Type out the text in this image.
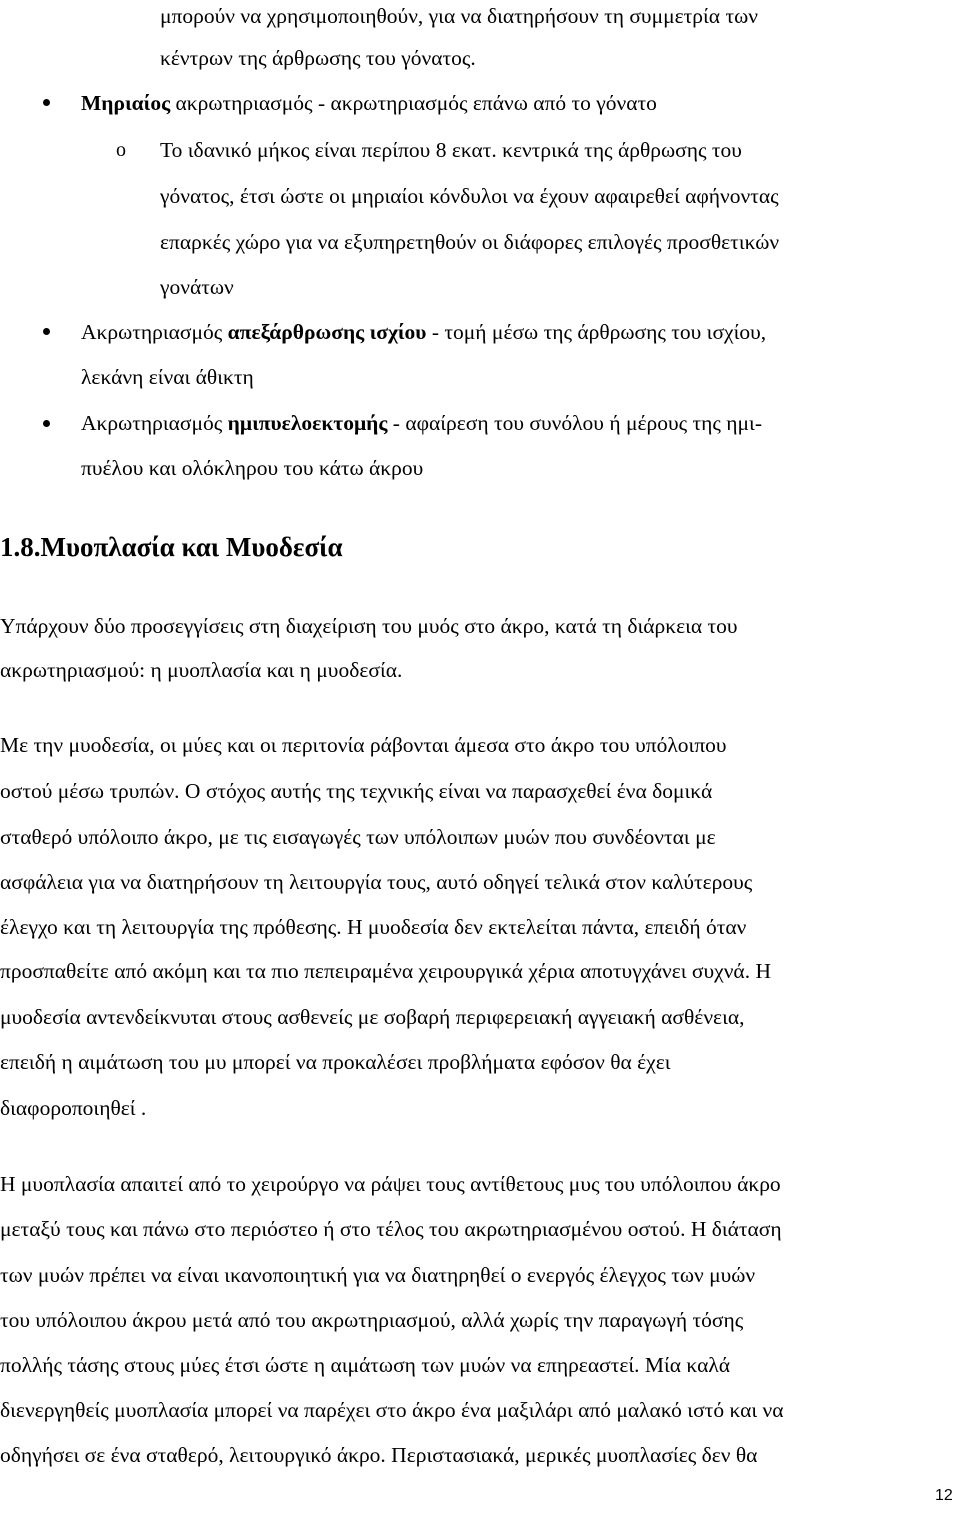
μπορούν να χρησιμοποιηθούν, για να διατηρήσουν τη συμμετρία των
κέντρων της άρθρωσης του γόνατος.
Μηριαίος ακρωτηριασμός - ακρωτηριασμός επάνω από το γόνατο
o Το ιδανικό μήκος είναι περίπου 8 εκατ. κεντρικά της άρθρωσης του
γόνατος, έτσι ώστε οι μηριαίοι κόνδυλοι να έχουν αφαιρεθεί αφήνοντας
επαρκές χώρο για να εξυπηρετηθούν οι διάφορες επιλογές προσθετικών
γονάτων
Ακρωτηριασμός απεξάρθρωσης ισχίου - τομή μέσω της άρθρωσης του ισχίου,
λεκάνη είναι άθικτη
Ακρωτηριασμός ημιπυελοεκτομής - αφαίρεση του συνόλου ή μέρους της ημι-
πυέλου και ολόκληρου του κάτω άκρου
1.8.Μυοπλασία και Μυοδεσία
Υπάρχουν δύο προσεγγίσεις στη διαχείριση του μυός στο άκρο, κατά τη διάρκεια του
ακρωτηριασμού: η μυοπλασία και η μυοδεσία.
Με την μυοδεσία, οι μύες και οι περιτονία ράβονται άμεσα στο άκρο του υπόλοιπου
οστού μέσω τρυπών. Ο στόχος αυτής της τεχνικής είναι να παρασχεθεί ένα δομικά
σταθερό υπόλοιπο άκρο, με τις εισαγωγές των υπόλοιπων μυών που συνδέονται με
ασφάλεια για να διατηρήσουν τη λειτουργία τους, αυτό οδηγεί τελικά στον καλύτερους
έλεγχο και τη λειτουργία της πρόθεσης. Η μυοδεσία δεν εκτελείται πάντα, επειδή όταν
προσπαθείτε από ακόμη και τα πιο πεπειραμένα χειρουργικά χέρια αποτυγχάνει συχνά. Η
μυοδεσία αντενδείκνυται στους ασθενείς με σοβαρή περιφερειακή αγγειακή ασθένεια,
επειδή η αιμάτωση του μυ μπορεί να προκαλέσει προβλήματα εφόσον θα έχει
διαφοροποιηθεί .
Η μυοπλασία απαιτεί από το χειρούργο να ράψει τους αντίθετους μυς του υπόλοιπου άκρο
μεταξύ τους και πάνω στο περιόστεο ή στο τέλος του ακρωτηριασμένου οστού. Η διάταση
των μυών πρέπει να είναι ικανοποιητική για να διατηρηθεί ο ενεργός έλεγχος των μυών
του υπόλοιπου άκρου μετά από του ακρωτηριασμού, αλλά χωρίς την παραγωγή τόσης
πολλής τάσης στους μύες έτσι ώστε η αιμάτωση των μυών να επηρεαστεί. Μία καλά
διενεργηθείς μυοπλασία μπορεί να παρέχει στο άκρο ένα μαξιλάρι από μαλακό ιστό και να
οδηγήσει σε ένα σταθερό, λειτουργικό άκρο. Περιστασιακά, μερικές μυοπλασίες δεν θα
12
